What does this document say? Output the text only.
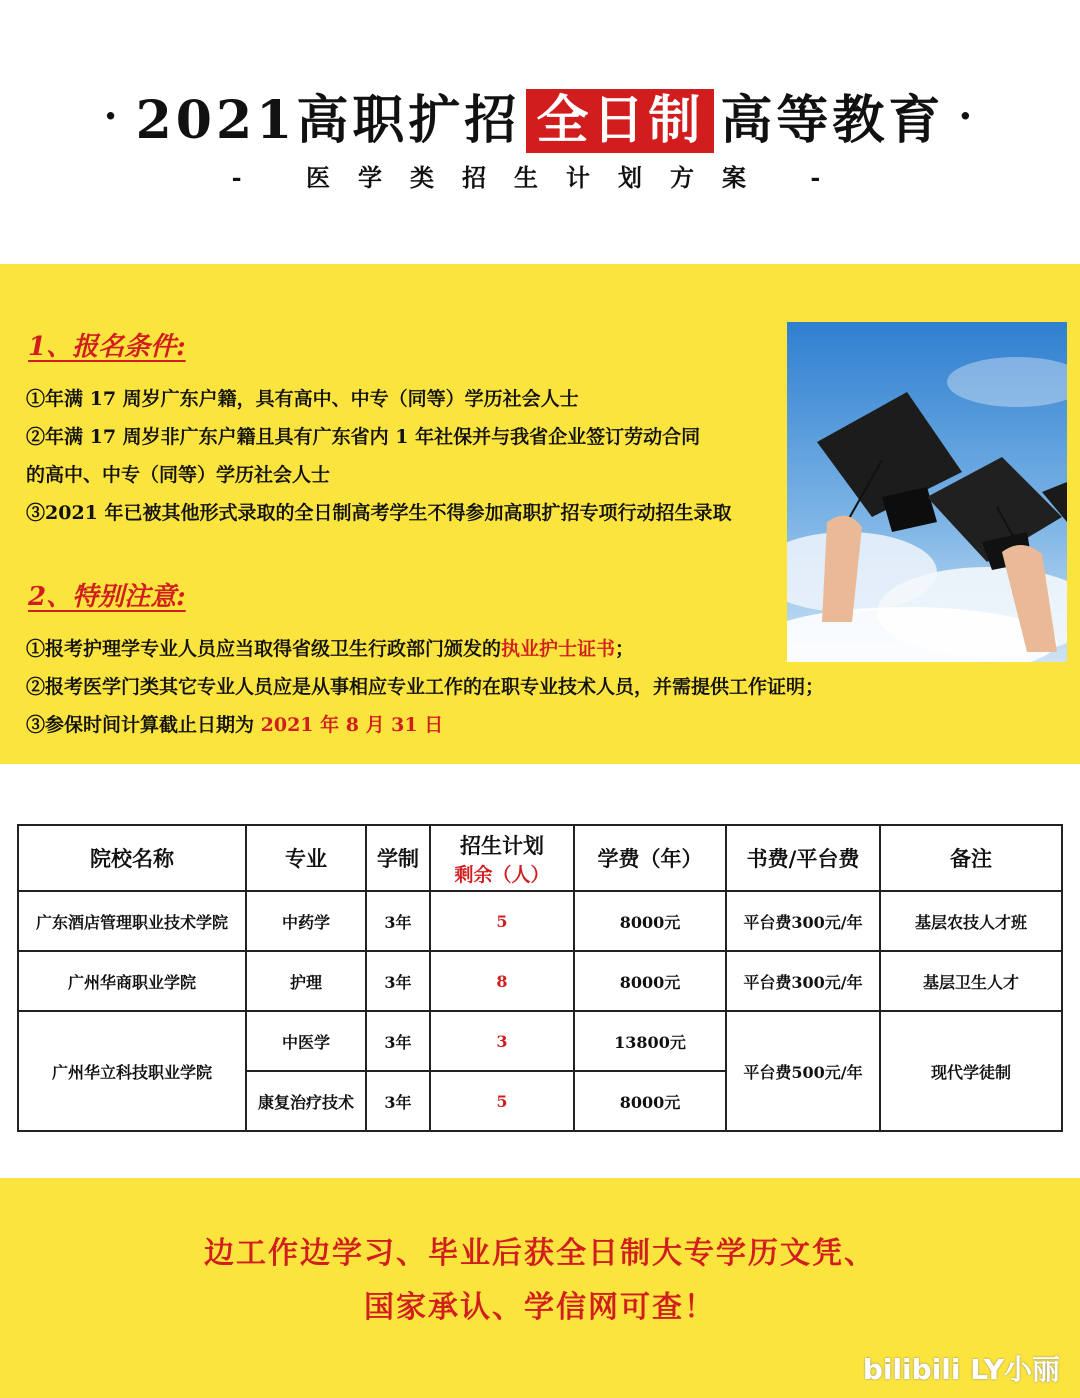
· 2021高职扩招 全日制 高等教育 ·
- 医学类招生计划方案 -
1、报名条件:
①年满 17 周岁广东户籍，具有高中、中专（同等）学历社会人士
②年满 17 周岁非广东户籍且具有广东省内 1 年社保并与我省企业签订劳动合同
的高中、中专（同等）学历社会人士
③2021 年已被其他形式录取的全日制高考学生不得参加高职扩招专项行动招生录取
2、特别注意:
①报考护理学专业人员应当取得省级卫生行政部门颁发的执业护士证书；
②报考医学门类其它专业人员应是从事相应专业工作的在职专业技术人员，并需提供工作证明；
③参保时间计算截止日期为 2021 年 8 月 31 日
院校名称	专业	学制	招生计划
剩余（人）	学费（年）	书费/平台费	备注
广东酒店管理职业技术学院	中药学	3年	5	8000元	平台费300元/年	基层农技人才班
广州华商职业学院	护理	3年	8	8000元	平台费300元/年	基层卫生人才
广州华立科技职业学院	中医学	3年	3	13800元	平台费500元/年	现代学徒制
	康复治疗技术	3年	5	8000元		
边工作边学习、毕业后获全日制大专学历文凭、
国家承认、学信网可查！
bilibili LY小丽
